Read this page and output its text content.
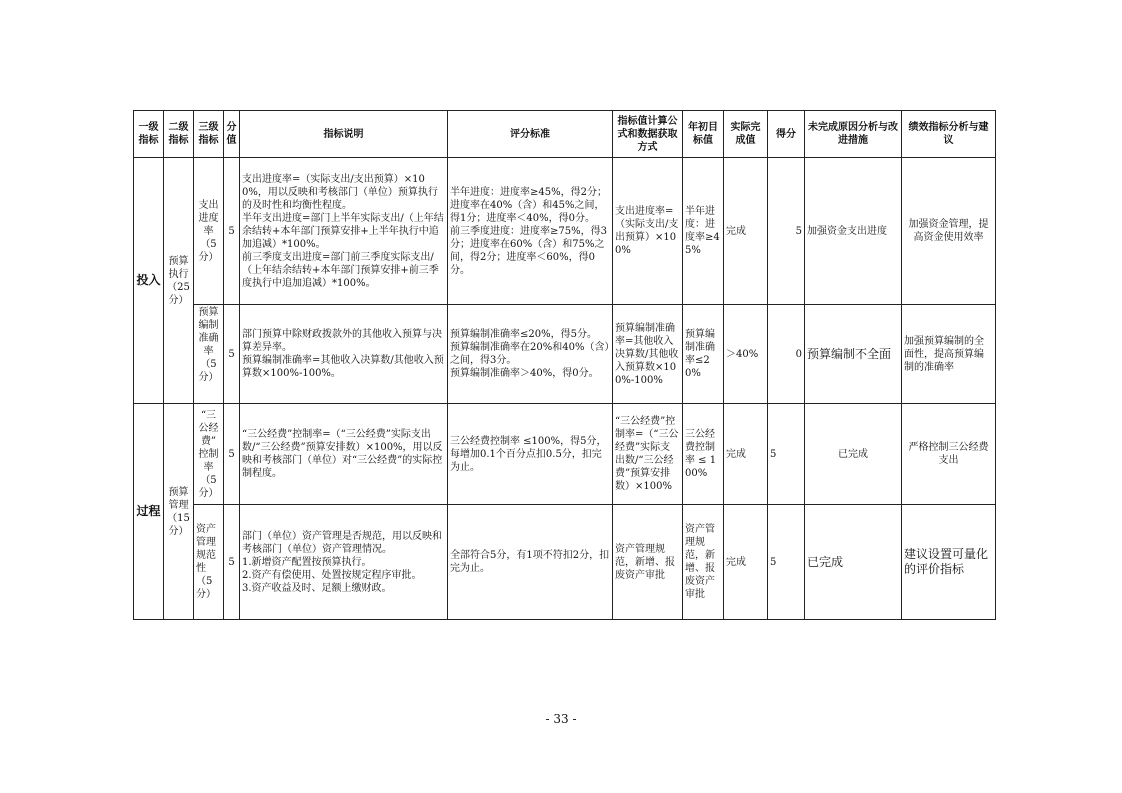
一级指标	二级指标	三级指标	分值	指标说明	评分标准	指标值计算公式和数据获取方式	年初目标值	实际完成值	得分	未完成原因分析与改进措施	绩效指标分析与建议
投入	预算执行（25分）	支出进度率（5分）	5	支出进度率=（实际支出/支出预算）×100%，用以反映和考核部门（单位）预算执行的及时性和均衡性程度。
半年支出进度=部门上半年实际支出/（上年结余结转+本年部门预算安排+上半年执行中追加追减）*100%。
前三季度支出进度=部门前三季度实际支出/（上年结余结转+本年部门预算安排+前三季度执行中追加追减）*100%。	半年进度：进度率≥45%，得2分；进度率在40%（含）和45%之间，得1分；进度率＜40%，得0分。
前三季度进度：进度率≥75%，得3分；进度率在60%（含）和75%之间，得2分；进度率＜60%，得0分。	支出进度率=（实际支出/支出预算）×100%	半年进度：进度率≥45%	完成	5	加强资金支出进度	加强资金管理，提高资金使用效率
		预算编制准确率（5分）	5	部门预算中除财政拨款外的其他收入预算与决算差异率。
预算编制准确率=其他收入决算数/其他收入预算数×100%-100%。	预算编制准确率≤20%，得5分。
预算编制准确率在20%和40%（含）之间，得3分。
预算编制准确率＞40%，得0分。	预算编制准确率=其他收入决算数/其他收入预算数×100%-100%	预算编制准确率≤20%	＞40%	0	预算编制不全面	加强预算编制的全面性，提高预算编制的准确率
过程	预算管理（15分）	“三公经费”控制率（5分）	5	“三公经费”控制率=（“三公经费”实际支出数/“三公经费”预算安排数）×100%，用以反映和考核部门（单位）对“三公经费”的实际控制程度。	三公经费控制率 ≤100%，得5分，每增加0.1个百分点扣0.5分，扣完为止。	“三公经费”控制率=（“三公经费”实际支出数/“三公经费”预算安排数）×100%	三公经费控制率 ≤ 100%	完成	5	已完成	严格控制三公经费支出
		资产管理规范性（5分）	5	部门（单位）资产管理是否规范，用以反映和考核部门（单位）资产管理情况。
1.新增资产配置按预算执行。
2.资产有偿使用、处置按规定程序审批。
3.资产收益及时、足额上缴财政。	全部符合5分，有1项不符扣2分，扣完为止。	资产管理规范，新增、报废资产审批	资产管理规范，新增、报废资产审批	完成	5	已完成	建议设置可量化的评价指标
- 33 -
